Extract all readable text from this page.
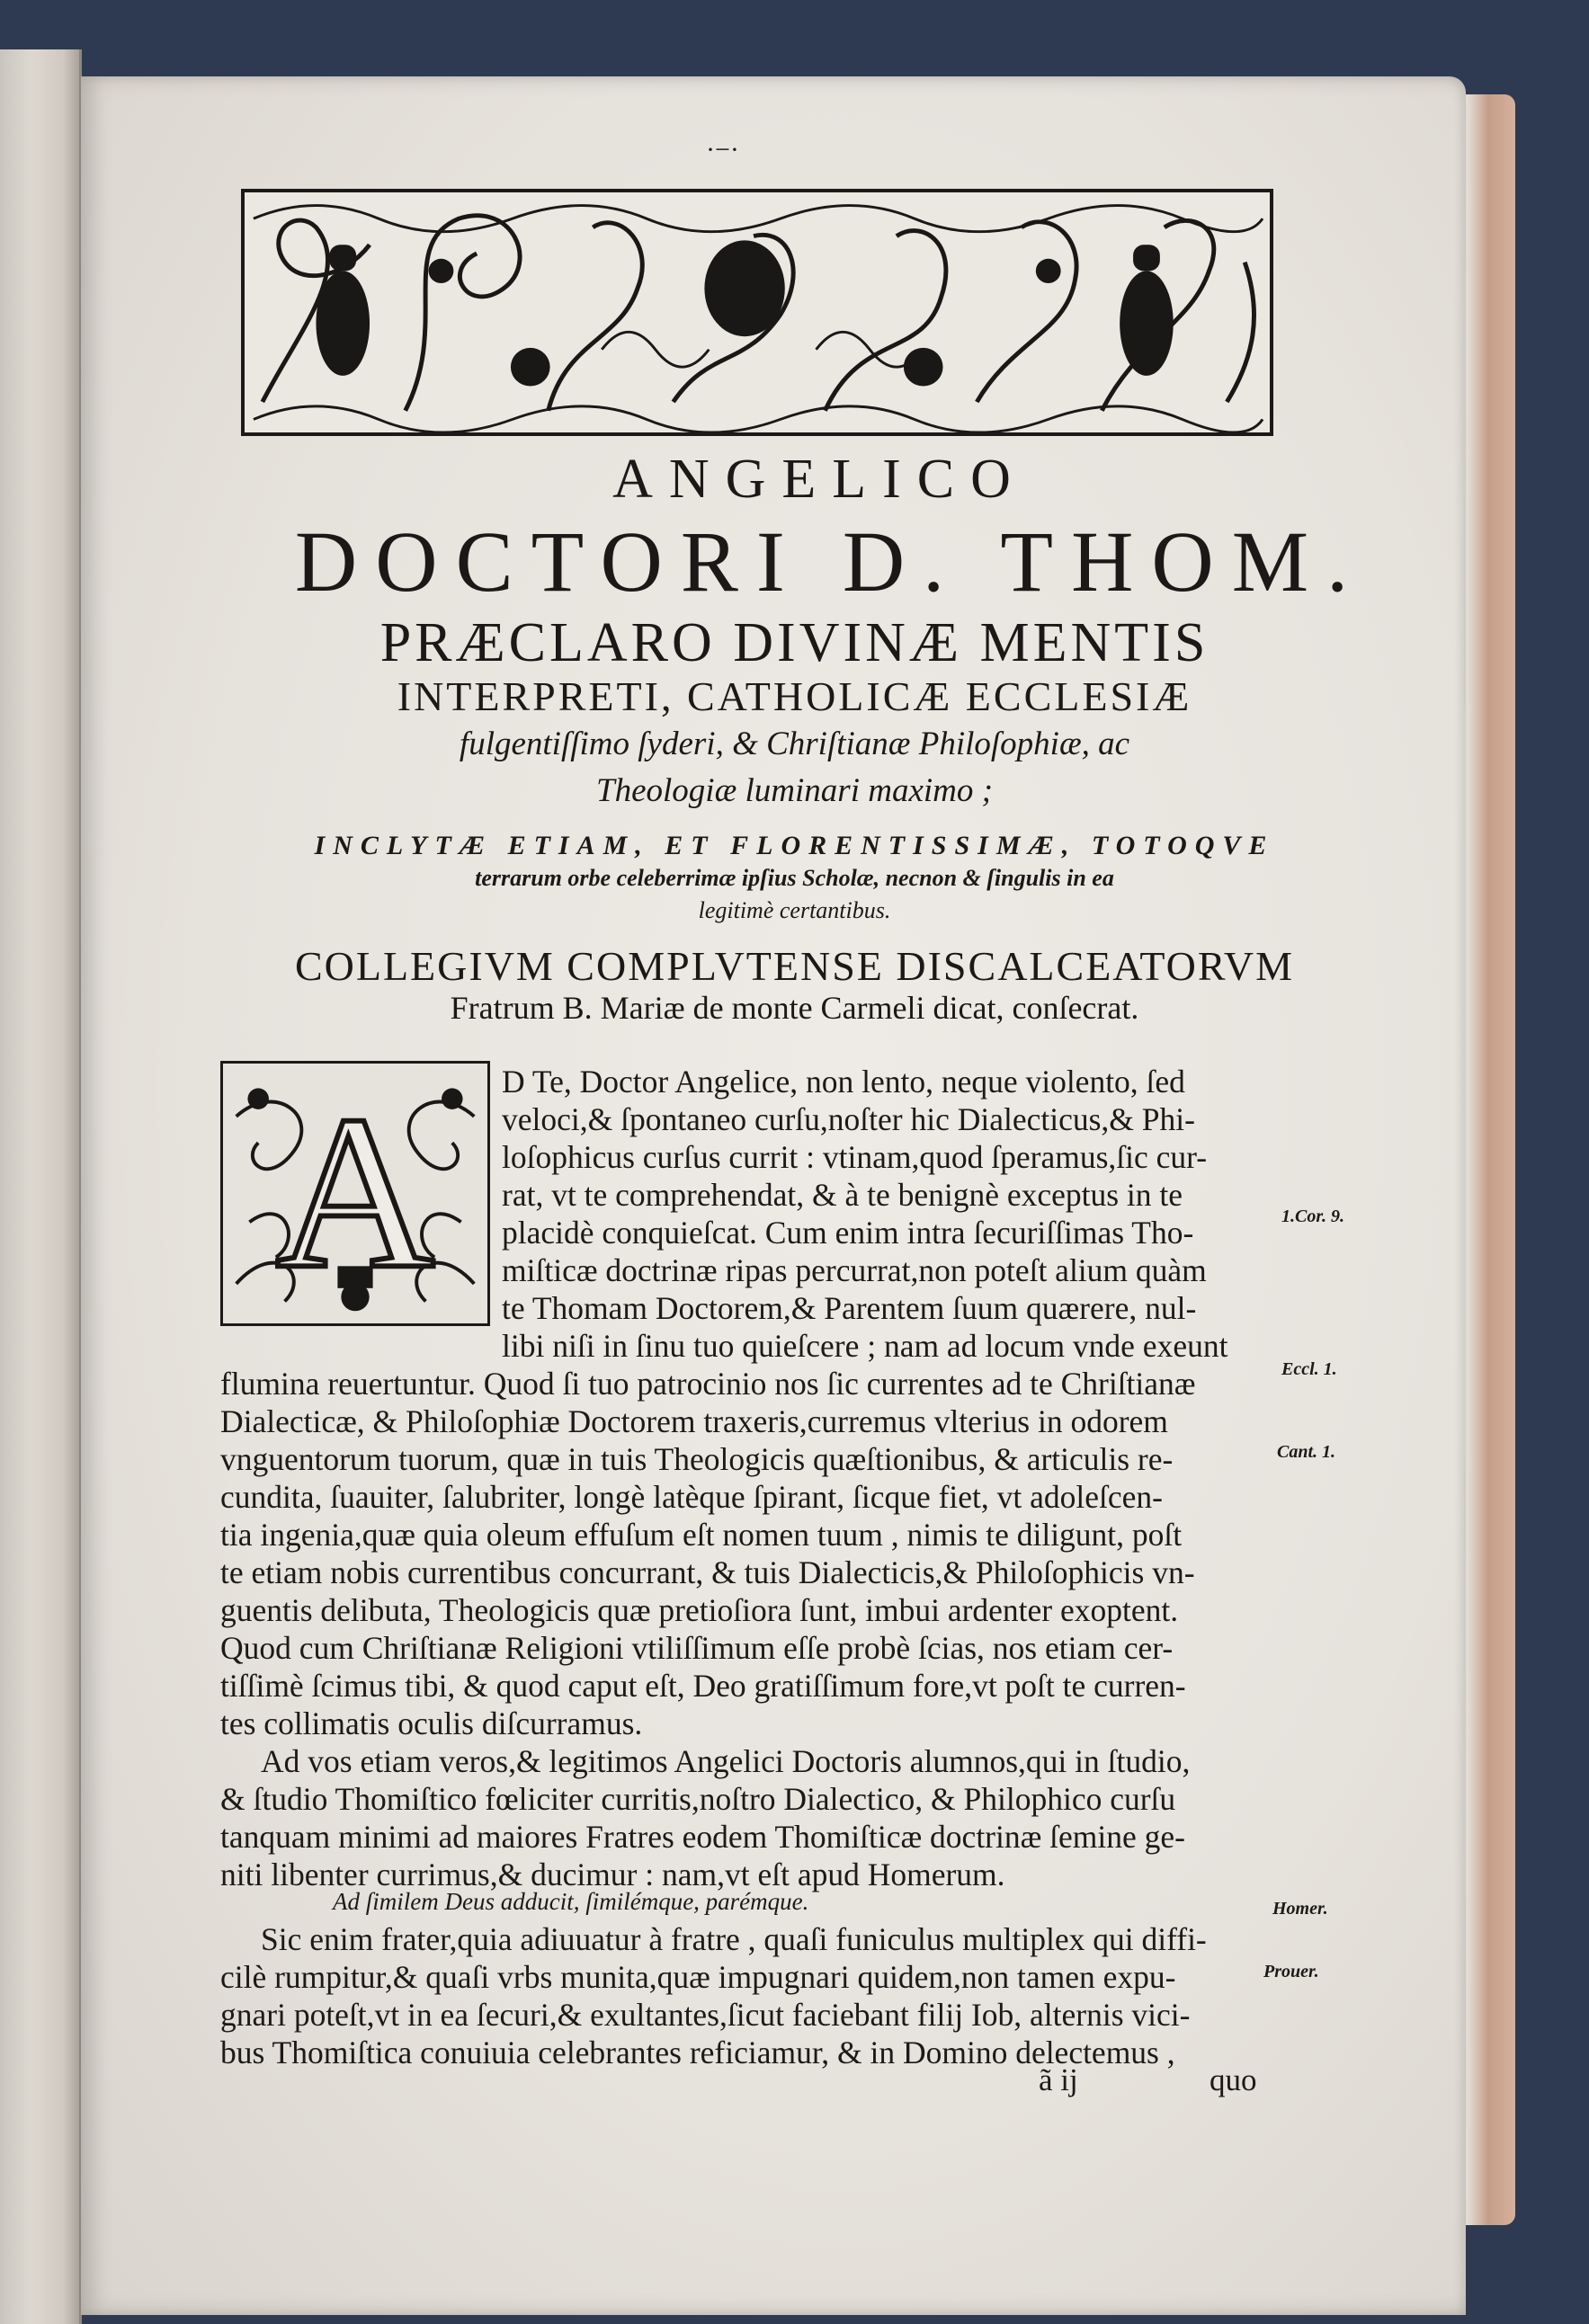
·−·
ANGELICO
DOCTORI D. THOM.
PRÆCLARO DIVINÆ MENTIS
INTERPRETI, CATHOLICÆ ECCLESIÆ
fulgentiſſimo ſyderi, & Chriſtianæ Philoſophiæ, ac
Theologiæ luminari maximo ;
INCLYTÆ ETIAM, ET FLORENTISSIMÆ, TOTOQVE
terrarum orbe celeberrimæ ipſius Scholæ, necnon & ſingulis in ea
legitimè certantibus.
COLLEGIVM COMPLVTENSE DISCALCEATORVM
Fratrum B. Mariæ de monte Carmeli dicat, conſecrat.
A D Te, Doctor Angelice, non lento, neque violento, ſed
veloci,& ſpontaneo curſu,noſter hic Dialecticus,& Phi-
loſophicus curſus currit : vtinam,quod ſperamus,ſic cur-
rat, vt te comprehendat, & à te benignè exceptus in te
placidè conquieſcat. Cum enim intra ſecuriſſimas Tho-
miſticæ doctrinæ ripas percurrat,non poteſt alium quàm
te Thomam Doctorem,& Parentem ſuum quærere, nul-
libi niſi in ſinu tuo quieſcere ; nam ad locum vnde exeunt
flumina reuertuntur. Quod ſi tuo patrocinio nos ſic currentes ad te Chriſtianæ
Dialecticæ, & Philoſophiæ Doctorem traxeris,curremus vlterius in odorem
vnguentorum tuorum, quæ in tuis Theologicis quæſtionibus, & articulis re-
cundita, ſuauiter, ſalubriter, longè latèque ſpirant, ſicque fiet, vt adoleſcen-
tia ingenia,quæ quia oleum effuſum eſt nomen tuum , nimis te diligunt, poſt
te etiam nobis currentibus concurrant, & tuis Dialecticis,& Philoſophicis vn-
guentis delibuta, Theologicis quæ pretioſiora ſunt, imbui ardenter exoptent.
Quod cum Chriſtianæ Religioni vtiliſſimum eſſe probè ſcias, nos etiam cer-
tiſſimè ſcimus tibi, & quod caput eſt, Deo gratiſſimum fore,vt poſt te curren-
tes collimatis oculis diſcurramus.
Ad vos etiam veros,& legitimos Angelici Doctoris alumnos,qui in ſtudio,
& ſtudio Thomiſtico fœliciter curritis,noſtro Dialectico, & Philophico curſu
tanquam minimi ad maiores Fratres eodem Thomiſticæ doctrinæ ſemine ge-
niti libenter currimus,& ducimur : nam,vt eſt apud Homerum.
Ad ſimilem Deus adducit, ſimilémque, parémque.
Sic enim frater,quia adiuuatur à fratre , quaſi funiculus multiplex qui diffi-
cilè rumpitur,& quaſi vrbs munita,quæ impugnari quidem,non tamen expu-
gnari poteſt,vt in ea ſecuri,& exultantes,ſicut faciebant filij Iob, alternis vici-
bus Thomiſtica conuiuia celebrantes reficiamur, & in Domino delectemus ,
1.Cor. 9.
Eccl. 1.
Cant. 1.
Homer.
Prouer.
ã ij	quo
